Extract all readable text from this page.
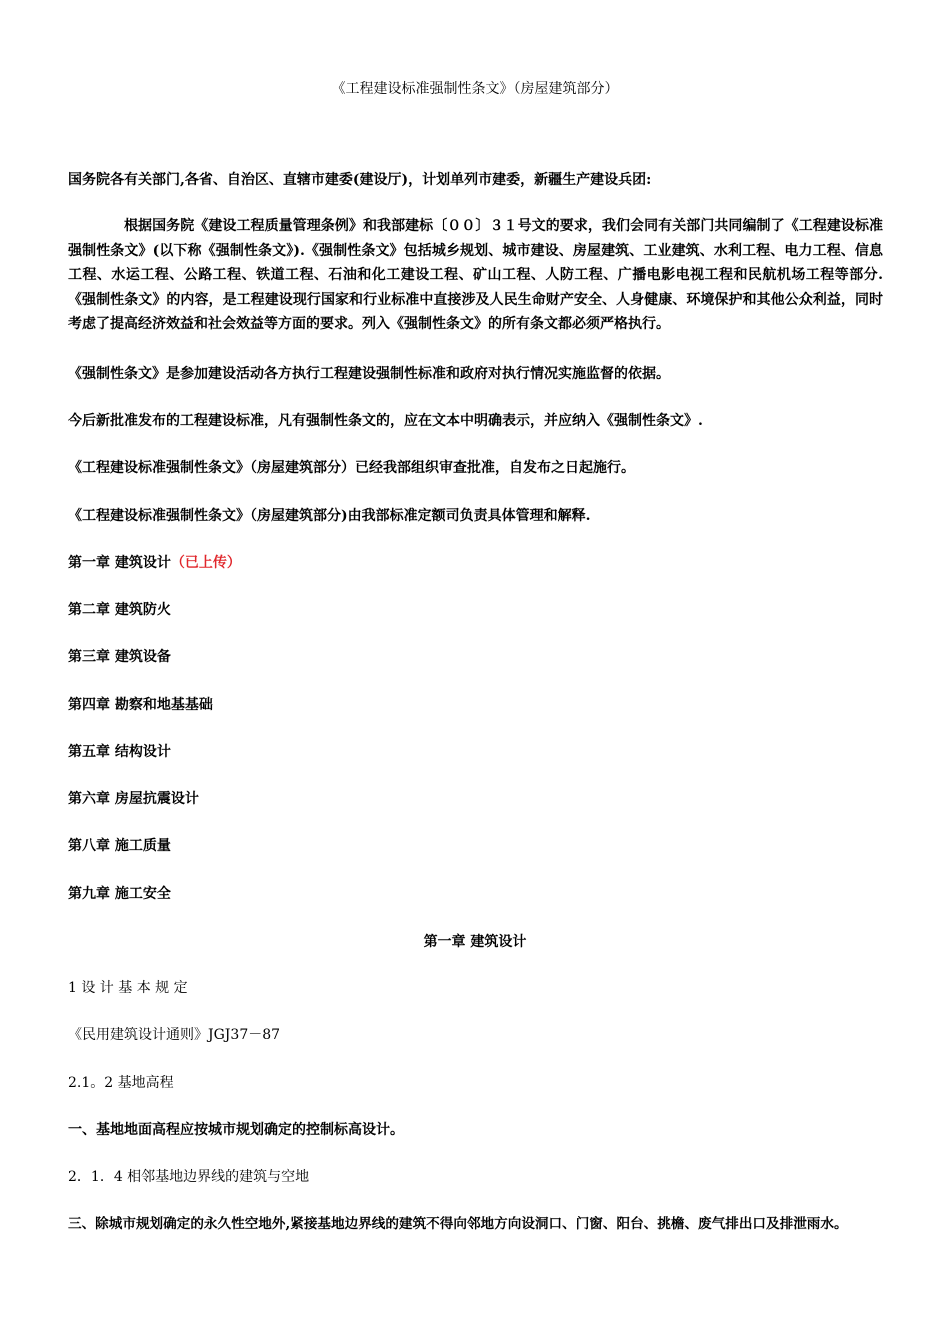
《工程建设标准强制性条文》（房屋建筑部分）
国务院各有关部门,各省、自治区、直辖市建委(建设厅)，计划单列市建委，新疆生产建设兵团:
根据国务院《建设工程质量管理条例》和我部建标〔００〕３１号文的要求，我们会同有关部门共同编制了《工程建设标准强制性条文》(以下称《强制性条文》).《强制性条文》包括城乡规划、城市建设、房屋建筑、工业建筑、水利工程、电力工程、信息工程、水运工程、公路工程、铁道工程、石油和化工建设工程、矿山工程、人防工程、广播电影电视工程和民航机场工程等部分.《强制性条文》的内容，是工程建设现行国家和行业标准中直接涉及人民生命财产安全、人身健康、环境保护和其他公众利益，同时考虑了提高经济效益和社会效益等方面的要求。列入《强制性条文》的所有条文都必须严格执行。
《强制性条文》是参加建设活动各方执行工程建设强制性标准和政府对执行情况实施监督的依据。
今后新批准发布的工程建设标准，凡有强制性条文的，应在文本中明确表示，并应纳入《强制性条文》.
《工程建设标准强制性条文》（房屋建筑部分）已经我部组织审查批准，自发布之日起施行。
《工程建设标准强制性条文》（房屋建筑部分)由我部标准定额司负责具体管理和解释.
第一章 建筑设计（已上传）
第二章 建筑防火
第三章 建筑设备
第四章 勘察和地基基础
第五章 结构设计
第六章 房屋抗震设计
第八章 施工质量
第九章 施工安全
第一章 建筑设计
1 设 计 基 本 规 定
《民用建筑设计通则》JGJ37－87
2.1。2 基地高程
一、基地地面高程应按城市规划确定的控制标高设计。
2．1．4 相邻基地边界线的建筑与空地
三、除城市规划确定的永久性空地外,紧接基地边界线的建筑不得向邻地方向设洞口、门窗、阳台、挑檐、废气排出口及排泄雨水。
